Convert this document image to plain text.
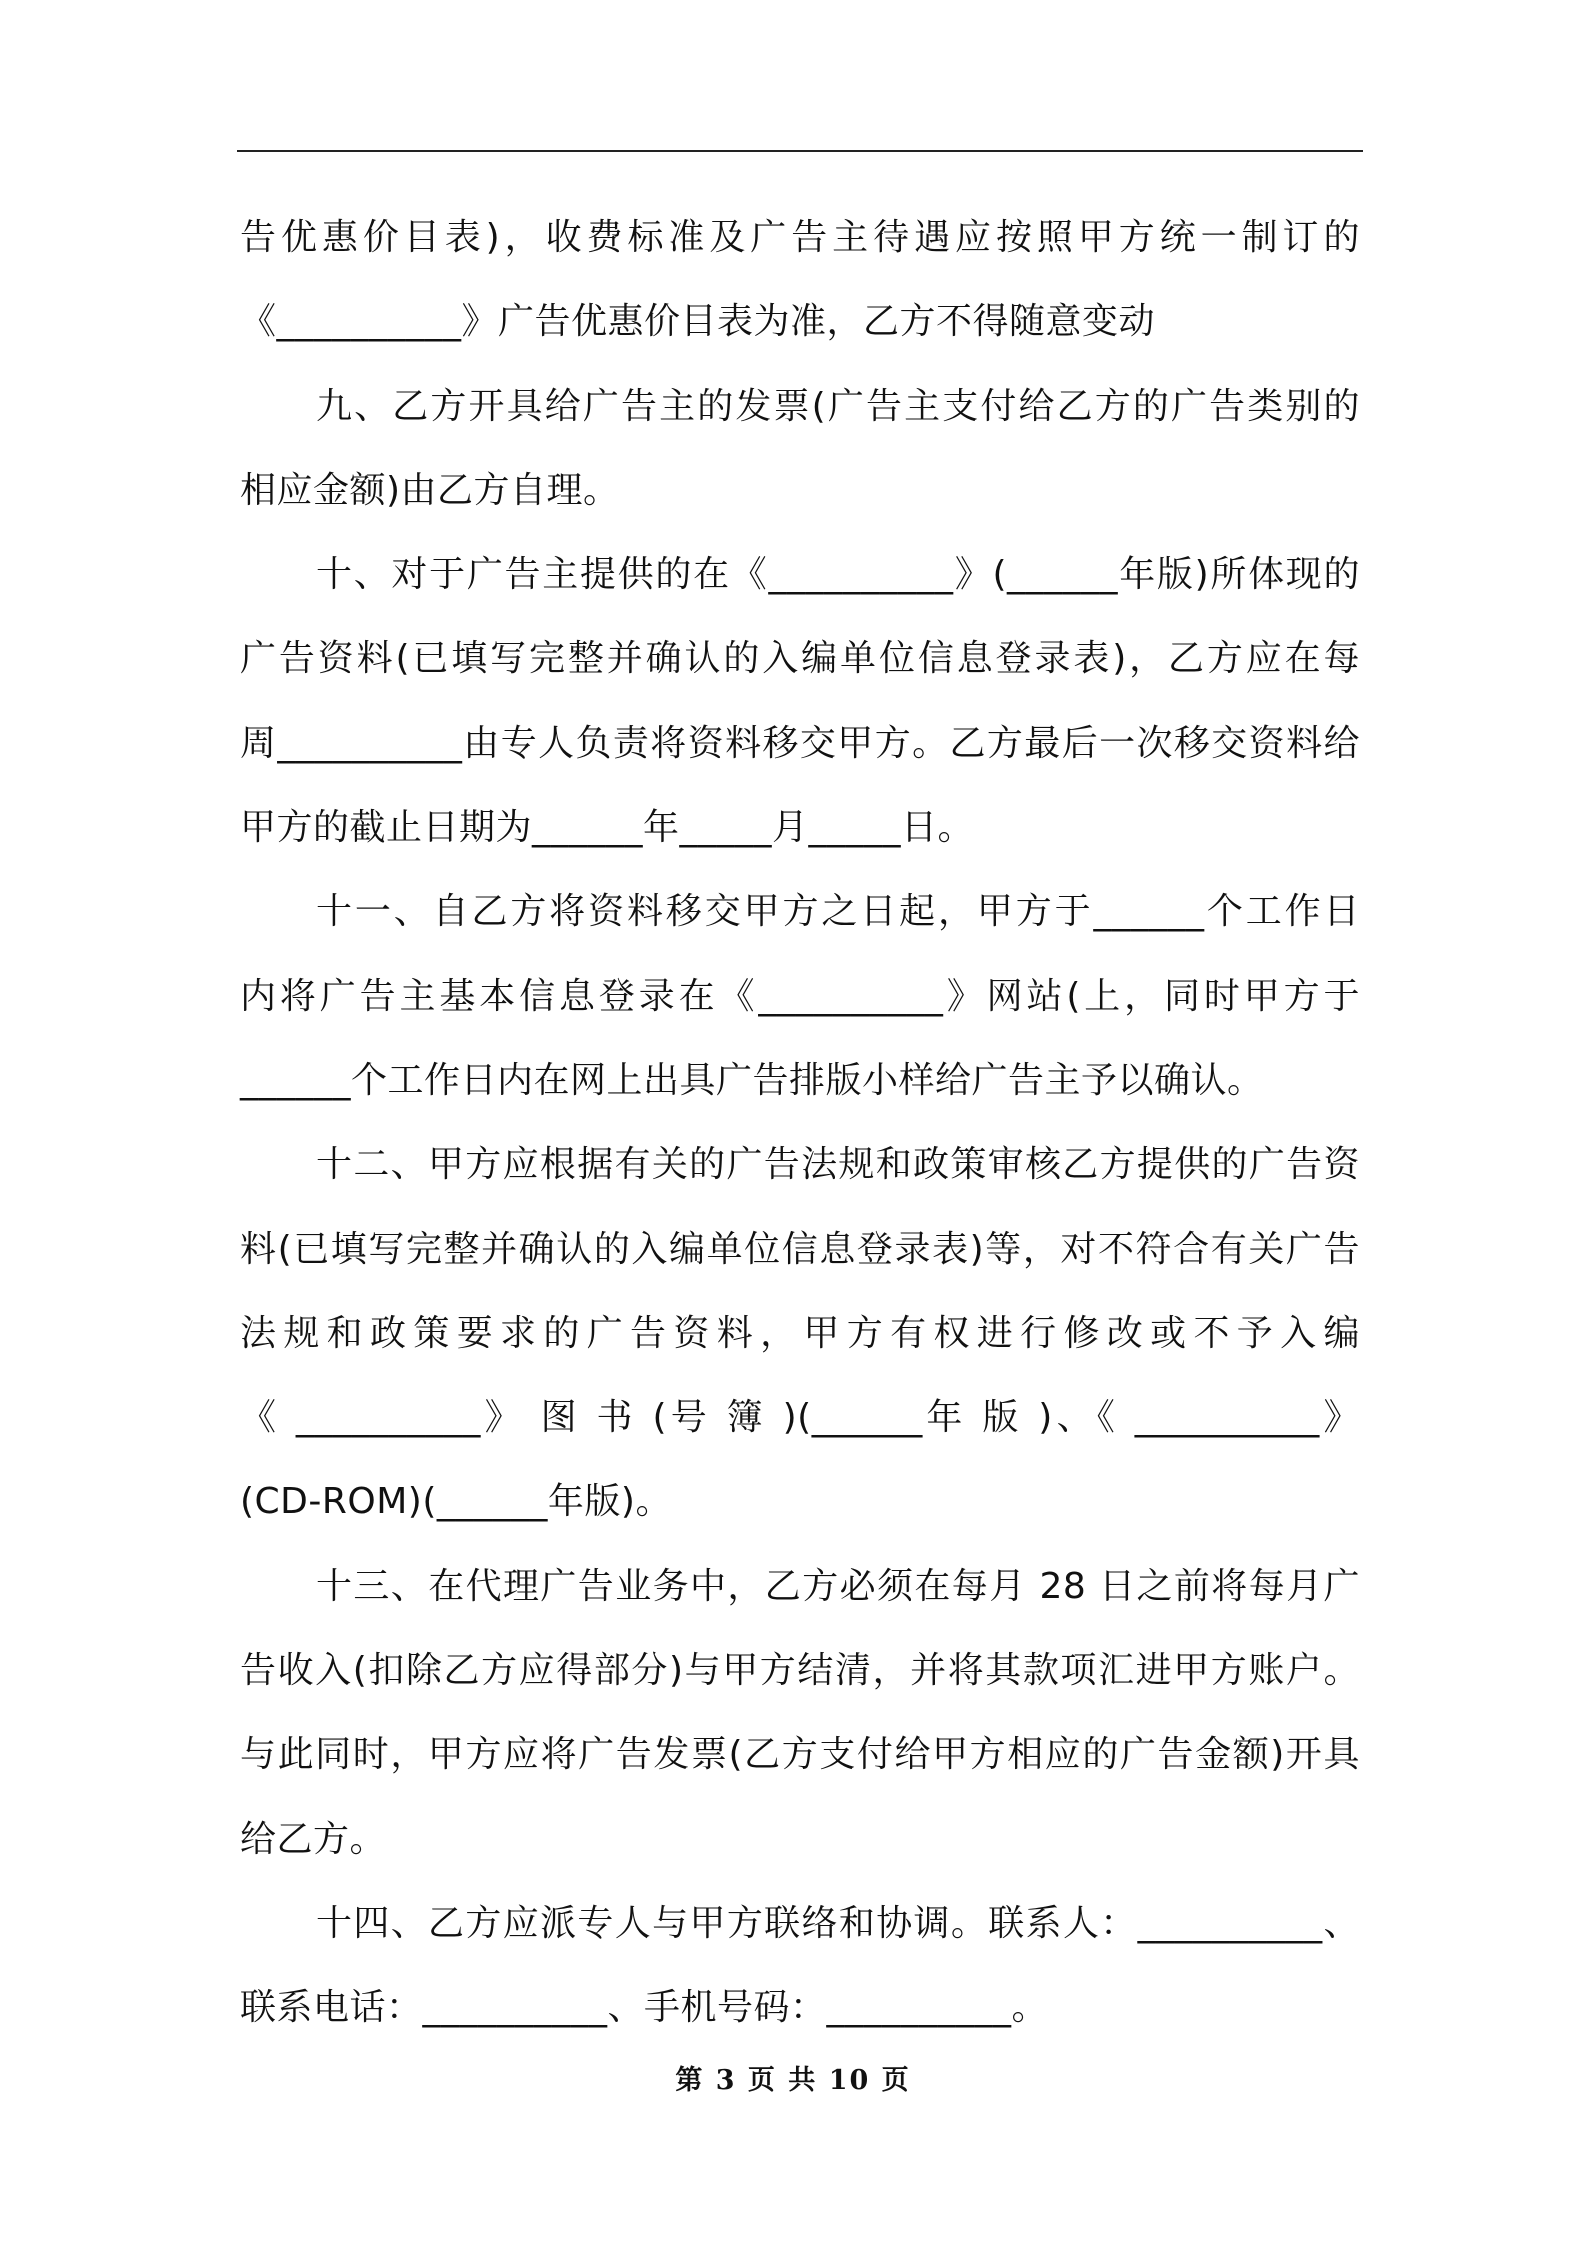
告优惠价目表)，收费标准及广告主待遇应按照甲方统一制订的
《__________》广告优惠价目表为准，乙方不得随意变动

九、乙方开具给广告主的发票(广告主支付给乙方的广告类别的
相应金额)由乙方自理。

十、对于广告主提供的在《__________》(______年版)所体现的
广告资料(已填写完整并确认的入编单位信息登录表)，乙方应在每
周__________由专人负责将资料移交甲方。乙方最后一次移交资料给
甲方的截止日期为______年_____月_____日。

十一、自乙方将资料移交甲方之日起，甲方于______个工作日
内将广告主基本信息登录在《__________》网站(上，同时甲方于
______个工作日内在网上出具广告排版小样给广告主予以确认。

十二、甲方应根据有关的广告法规和政策审核乙方提供的广告资
料(已填写完整并确认的入编单位信息登录表)等，对不符合有关广告
法规和政策要求的广告资料，甲方有权进行修改或不予入编
《 __________》 图 书 (号 簿 )(______年 版 )、《 __________》
(CD-ROM)(______年版)。

十三、在代理广告业务中，乙方必须在每月 28 日之前将每月广
告收入(扣除乙方应得部分)与甲方结清，并将其款项汇进甲方账户。
与此同时，甲方应将广告发票(乙方支付给甲方相应的广告金额)开具
给乙方。

十四、乙方应派专人与甲方联络和协调。联系人：__________、
联系电话：__________、手机号码：__________。

第 3 页 共 10 页
